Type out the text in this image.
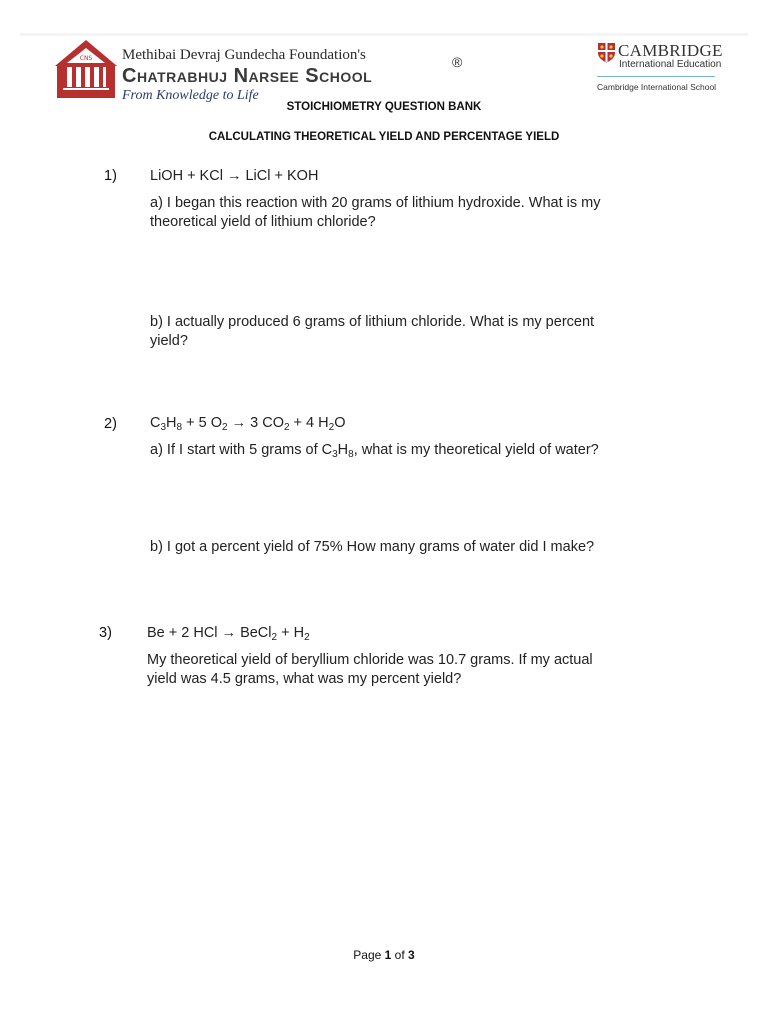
CNS Methibai Devraj Gundecha Foundation's
Chatrabhuj Narsee School
From Knowledge to Life
®
CAMBRIDGE
International Education
Cambridge International School
STOICHIOMETRY QUESTION BANK
CALCULATING THEORETICAL YIELD AND PERCENTAGE YIELD
1) LiOH + KCl → LiCl + KOH
a) I began this reaction with 20 grams of lithium hydroxide. What is my
theoretical yield of lithium chloride?
b) I actually produced 6 grams of lithium chloride. What is my percent
yield?
2) $C_3H_8 + 5$ $O_2 \to 3$ $CO_2 + 4$ $H_2O$
a) If I start with 5 grams of $C_3H_8$, what is my theoretical yield of water?
b) I got a percent yield of 75% How many grams of water did I make?
3) Be + 2 HCl → BeCl$_2$ + $H_2$
My theoretical yield of beryllium chloride was 10.7 grams. If my actual
yield was 4.5 grams, what was my percent yield?
Page 1 of 3
